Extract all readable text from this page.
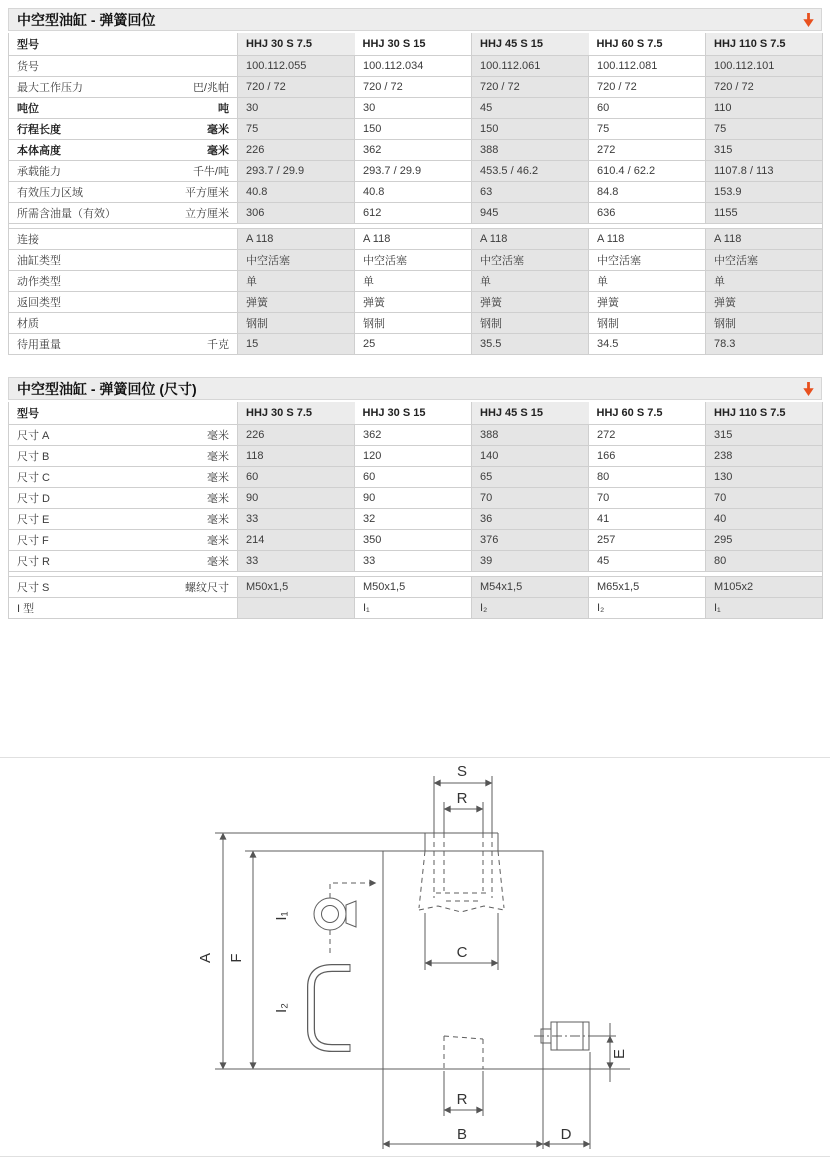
中空型油缸 - 弹簧回位
型号	HHJ 30 S 7.5	HHJ 30 S 15	HHJ 45 S 15	HHJ 60 S 7.5	HHJ 110 S 7.5

货号	100.112.055	100.112.034	100.112.061	100.112.081	100.112.101

最大工作压力 巴/兆帕	720 / 72	720 / 72	720 / 72	720 / 72	720 / 72

吨位 吨	30	30	45	60	110

行程长度 毫米	75	150	150	75	75

本体高度 毫米	226	362	388	272	315

承载能力 千牛/吨	293.7 / 29.9	293.7 / 29.9	453.5 / 46.2	610.4 / 62.2	1107.8 / 113

有效压力区域 平方厘米	40.8	40.8	63	84.8	153.9

所需含油量（有效） 立方厘米	306	612	945	636	1155

连接	A 118	A 118	A 118	A 118	A 118

油缸类型	中空活塞	中空活塞	中空活塞	中空活塞	中空活塞

动作类型	单	单	单	单	单

返回类型	弹簧	弹簧	弹簧	弹簧	弹簧

材质	钢制	钢制	钢制	钢制	钢制

待用重量 千克	15	25	35.5	34.5	78.3
中空型油缸 - 弹簧回位 (尺寸)
型号	HHJ 30 S 7.5	HHJ 30 S 15	HHJ 45 S 15	HHJ 60 S 7.5	HHJ 110 S 7.5

尺寸 A 毫米	226	362	388	272	315

尺寸 B 毫米	118	120	140	166	238

尺寸 C 毫米	60	60	65	80	130

尺寸 D 毫米	90	90	70	70	70

尺寸 E 毫米	33	32	36	41	40

尺寸 F 毫米	214	350	376	257	295

尺寸 R 毫米	33	33	39	45	80

尺寸 S 螺纹尺寸	M50x1,5	M50x1,5	M54x1,5	M65x1,5	M105x2

I 型		I₁	I₂	I₂	I₁
S
R
A F
I₁
I₂
C
R
B	D
E
